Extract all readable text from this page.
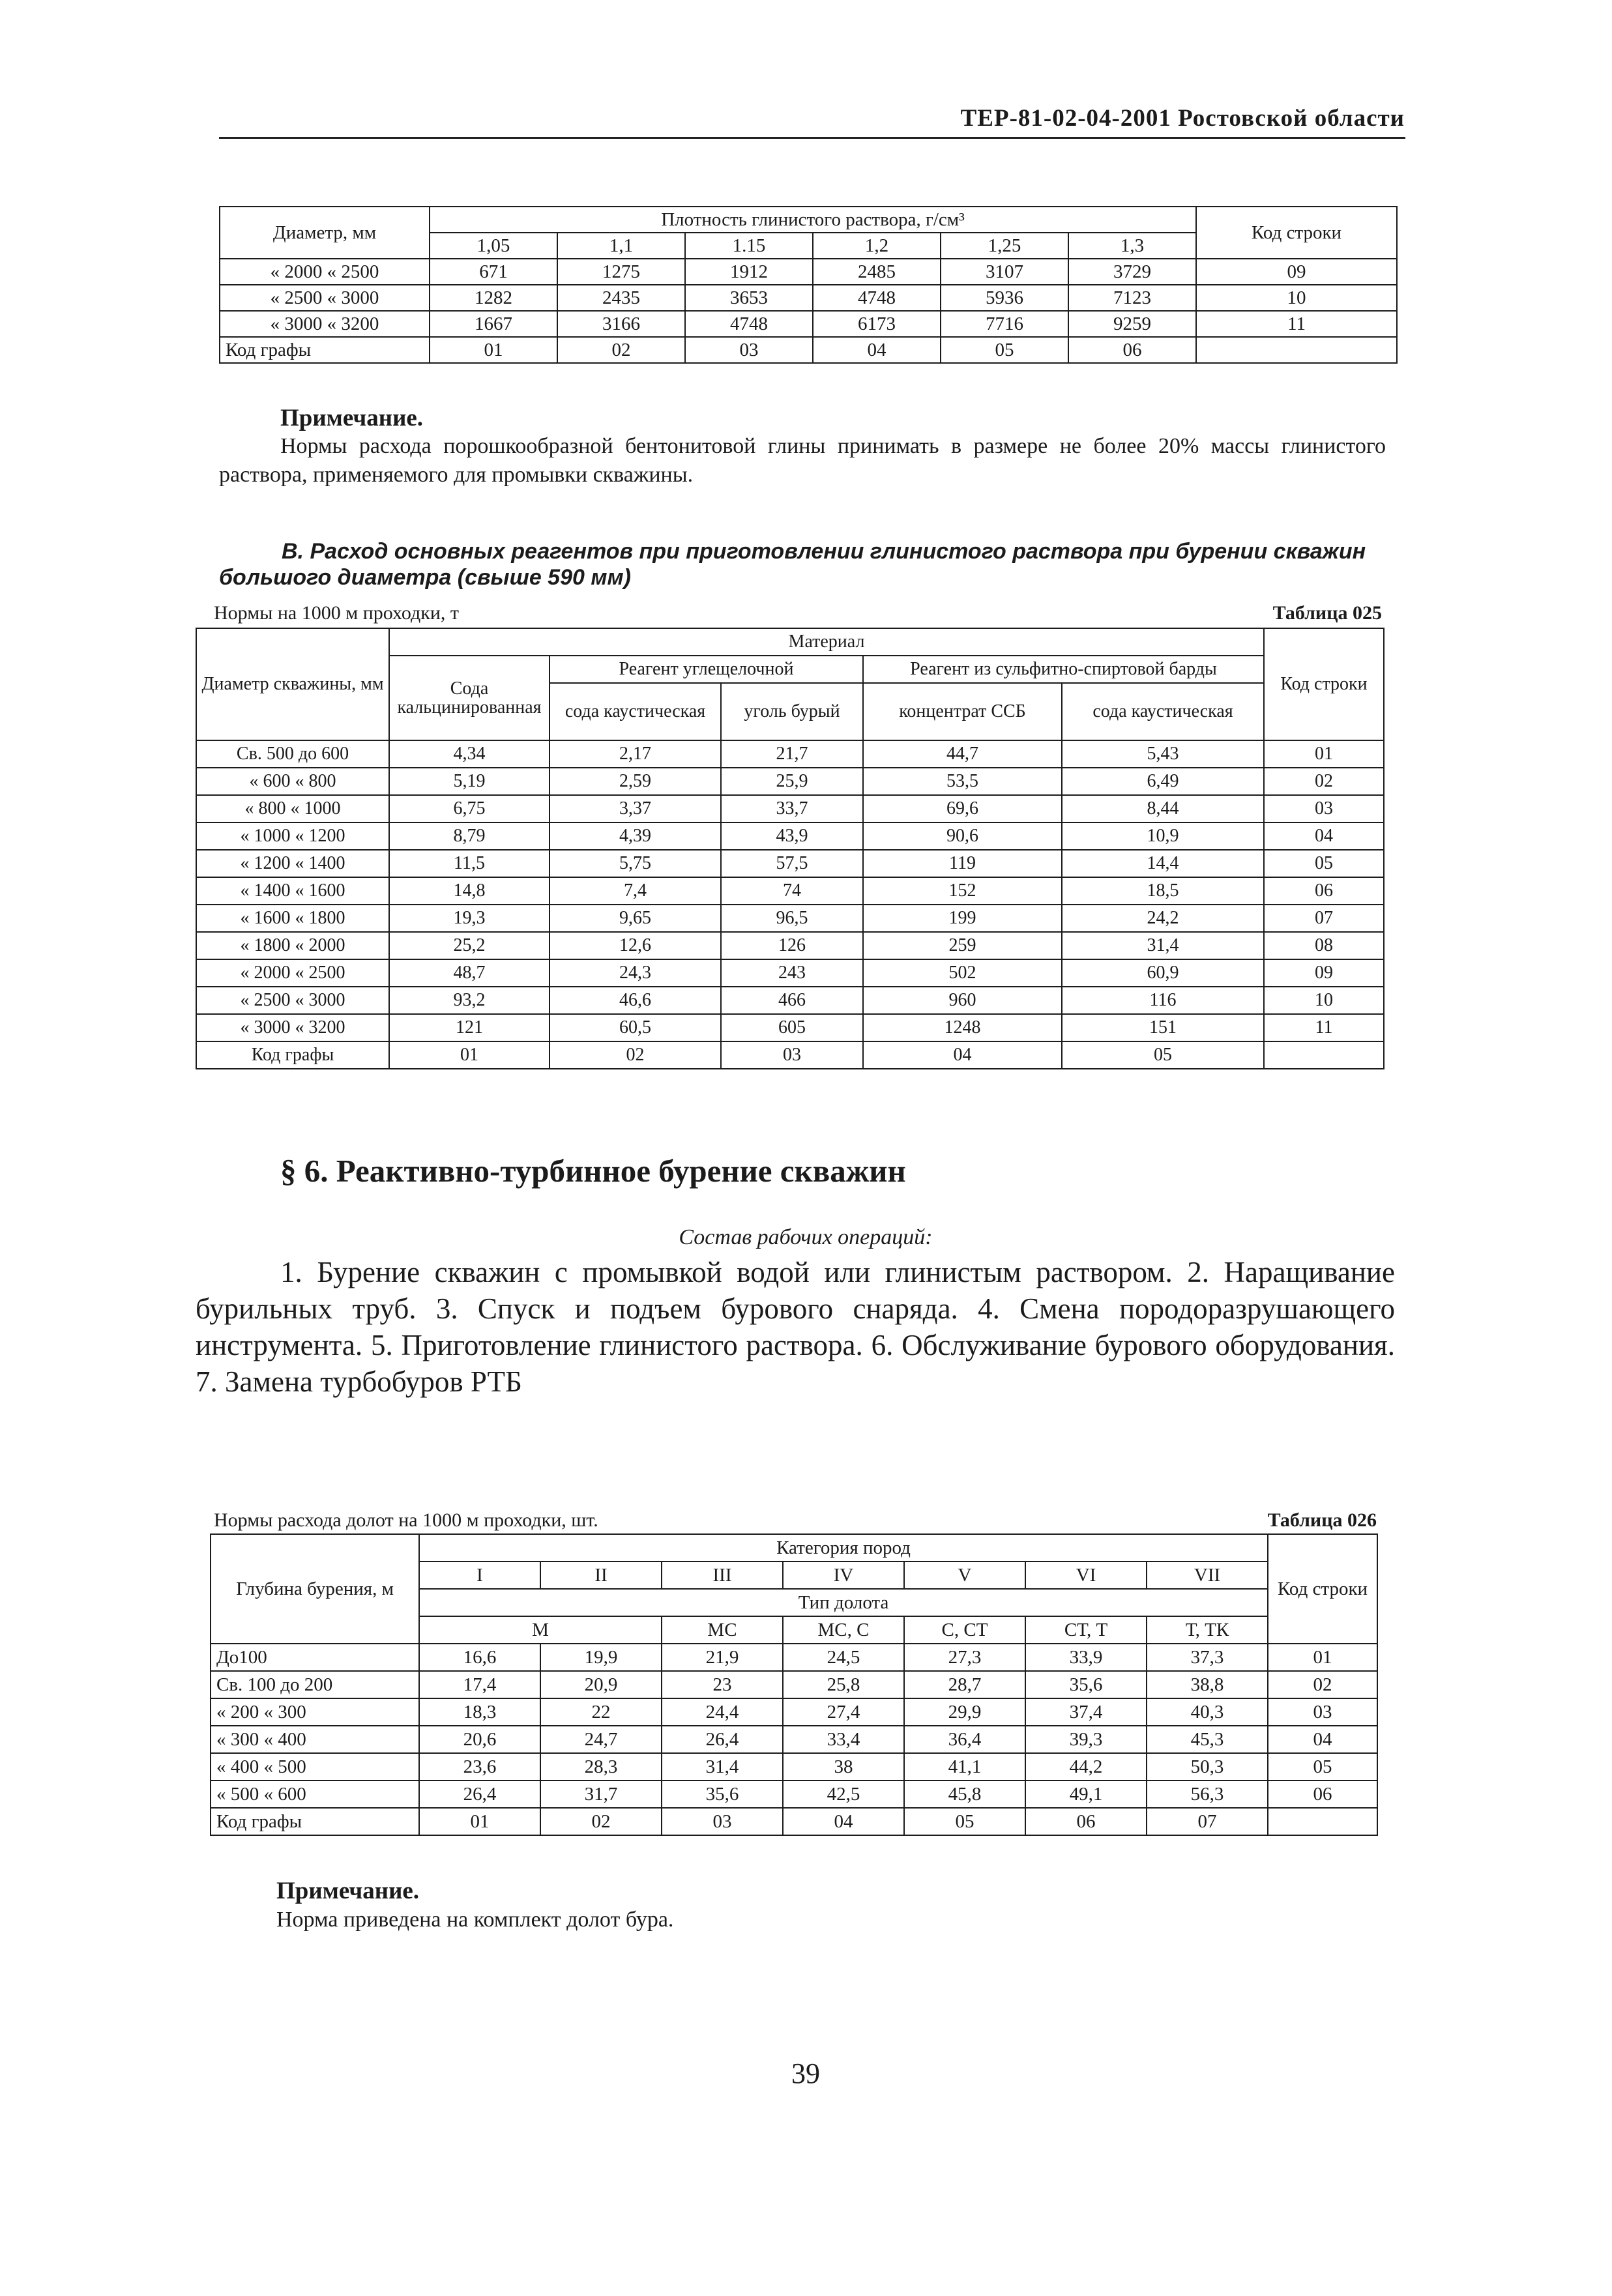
ТЕР-81-02-04-2001 Ростовской области
Диаметр, мм	Плотность глинистого раствора, г/см³						Код строки
	1,05	1,1	1.15	1,2	1,25	1,3	
« 2000 « 2500	671	1275	1912	2485	3107	3729	09
« 2500 « 3000	1282	2435	3653	4748	5936	7123	10
« 3000 « 3200	1667	3166	4748	6173	7716	9259	11
Код графы	01	02	03	04	05	06	
Примечание.
Нормы расхода порошкообразной бентонитовой глины принимать в размере не более 20% массы глинистого раствора, применяемого для промывки скважины.
В. Расход основных реагентов при приготовлении глинистого раствора при бурении скважин большого диаметра (свыше 590 мм)
Нормы на 1000 м проходки, т	Таблица 025
Диаметр скважины, мм	Материал					Код строки
	Сода кальцинированная	Реагент углещелочной		Реагент из сульфитно-спиртовой барды		
		сода каустическая	уголь бурый	концентрат ССБ	сода каустическая	
Св. 500 до 600	4,34	2,17	21,7	44,7	5,43	01
« 600 « 800	5,19	2,59	25,9	53,5	6,49	02
« 800 « 1000	6,75	3,37	33,7	69,6	8,44	03
« 1000 « 1200	8,79	4,39	43,9	90,6	10,9	04
« 1200 « 1400	11,5	5,75	57,5	119	14,4	05
« 1400 « 1600	14,8	7,4	74	152	18,5	06
« 1600 « 1800	19,3	9,65	96,5	199	24,2	07
« 1800 « 2000	25,2	12,6	126	259	31,4	08
« 2000 « 2500	48,7	24,3	243	502	60,9	09
« 2500 « 3000	93,2	46,6	466	960	116	10
« 3000 « 3200	121	60,5	605	1248	151	11
Код графы	01	02	03	04	05	
§ 6. Реактивно-турбинное бурение скважин
Состав рабочих операций:
1. Бурение скважин с промывкой водой или глинистым раствором. 2. Наращивание бурильных труб. 3. Спуск и подъем бурового снаряда. 4. Смена породоразрушающего инструмента. 5. Приготовление глинистого раствора. 6. Обслуживание бурового оборудования. 7. Замена турбобуров РТБ
Нормы расхода долот на 1000 м проходки, шт.	Таблица 026
Глубина бурения, м	Категория пород							Код строки
	I	II	III	IV	V	VI	VII	
	Тип долота							
	М		МС	МС, С	С, СТ	СТ, Т	Т, ТК	
До100	16,6	19,9	21,9	24,5	27,3	33,9	37,3	01
Св. 100 до 200	17,4	20,9	23	25,8	28,7	35,6	38,8	02
« 200 « 300	18,3	22	24,4	27,4	29,9	37,4	40,3	03
« 300 « 400	20,6	24,7	26,4	33,4	36,4	39,3	45,3	04
« 400 « 500	23,6	28,3	31,4	38	41,1	44,2	50,3	05
« 500 « 600	26,4	31,7	35,6	42,5	45,8	49,1	56,3	06
Код графы	01	02	03	04	05	06	07	
Примечание.
Норма приведена на комплект долот бура.
39
